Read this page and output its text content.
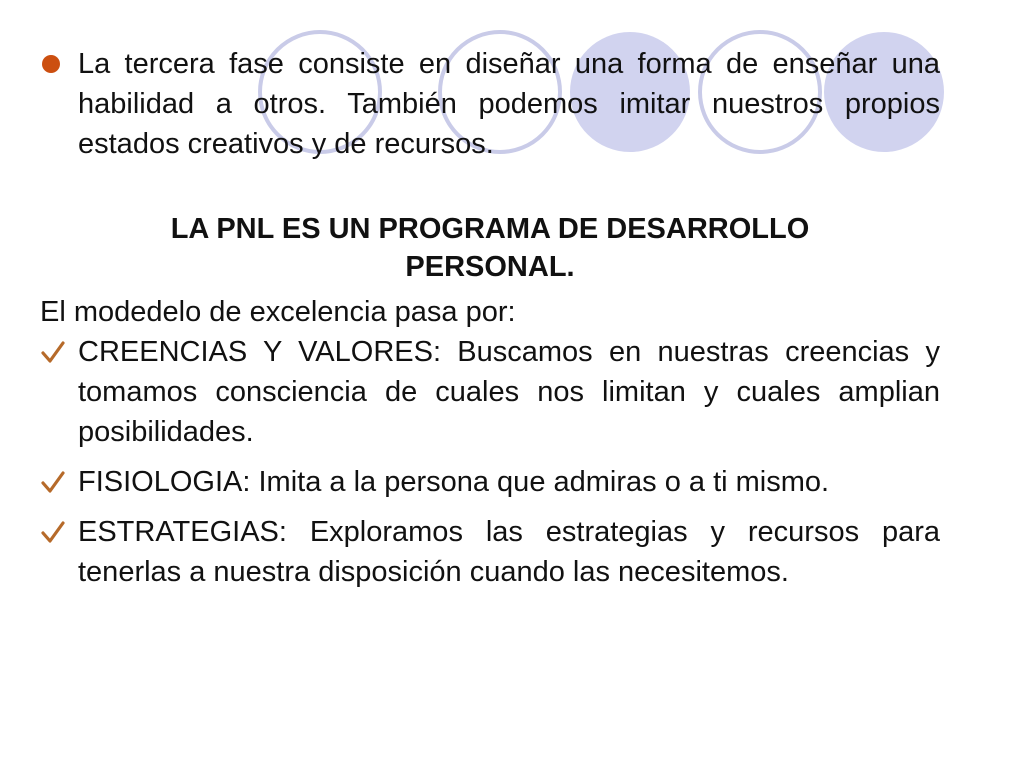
La tercera fase consiste en diseñar una forma de enseñar una habilidad a otros. También podemos imitar nuestros propios estados creativos y de recursos.
LA PNL ES UN PROGRAMA DE DESARROLLO
PERSONAL.
El modedelo de excelencia pasa por:
CREENCIAS Y VALORES: Buscamos en nuestras creencias y tomamos consciencia de cuales nos limitan y cuales amplian posibilidades.
FISIOLOGIA: Imita a la persona que admiras o a ti mismo.
ESTRATEGIAS: Exploramos las estrategias y recursos para tenerlas a nuestra disposición cuando las necesitemos.
